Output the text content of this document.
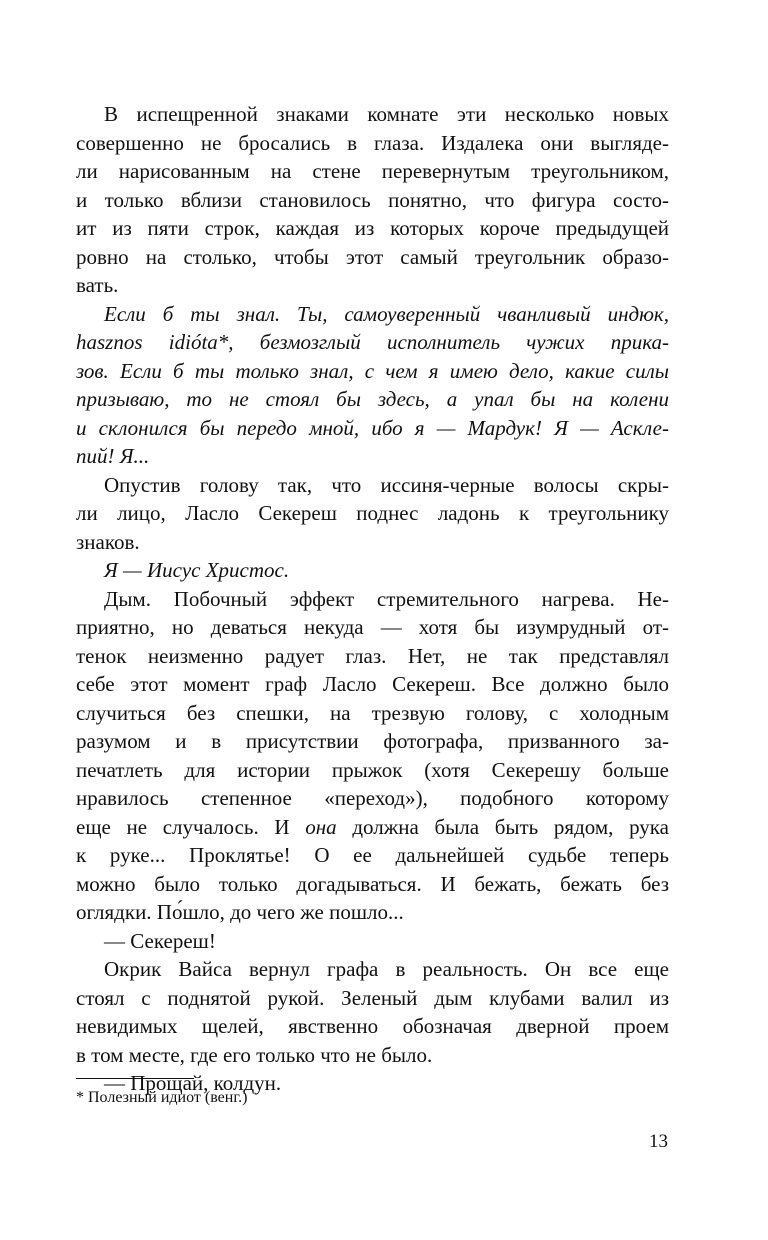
В испещренной знаками комнате эти несколько новых
совершенно не бросались в глаза. Издалека они выгляде-
ли нарисованным на стене перевернутым треугольником,
и только вблизи становилось понятно, что фигура состо-
ит из пяти строк, каждая из которых короче предыдущей
ровно на столько, чтобы этот самый треугольник образо-
вать.
Если б ты знал. Ты, самоуверенный чванливый индюк,
hasznos idióta*, безмозглый исполнитель чужих прика-
зов. Если б ты только знал, с чем я имею дело, какие силы
призываю, то не стоял бы здесь, а упал бы на колени
и склонился бы передо мной, ибо я — Мардук! Я — Аскле-
пий! Я...
Опустив голову так, что иссиня-черные волосы скры-
ли лицо, Ласло Секереш поднес ладонь к треугольнику
знаков.
Я — Иисус Христос.
Дым. Побочный эффект стремительного нагрева. Не-
приятно, но деваться некуда — хотя бы изумрудный от-
тенок неизменно радует глаз. Нет, не так представлял
себе этот момент граф Ласло Секереш. Все должно было
случиться без спешки, на трезвую голову, с холодным
разумом и в присутствии фотографа, призванного за-
печатлеть для истории прыжок (хотя Секерешу больше
нравилось степенное «переход»), подобного которому
еще не случалось. И она должна была быть рядом, рука
к руке... Проклятье! О ее дальнейшей судьбе теперь
можно было только догадываться. И бежать, бежать без
оглядки. По́шло, до чего же пошло...
— Секереш!
Окрик Вайса вернул графа в реальность. Он все еще
стоял с поднятой рукой. Зеленый дым клубами валил из
невидимых щелей, явственно обозначая дверной проем
в том месте, где его только что не было.
— Прощай, колдун.
* Полезный идиот (венг.)
13
